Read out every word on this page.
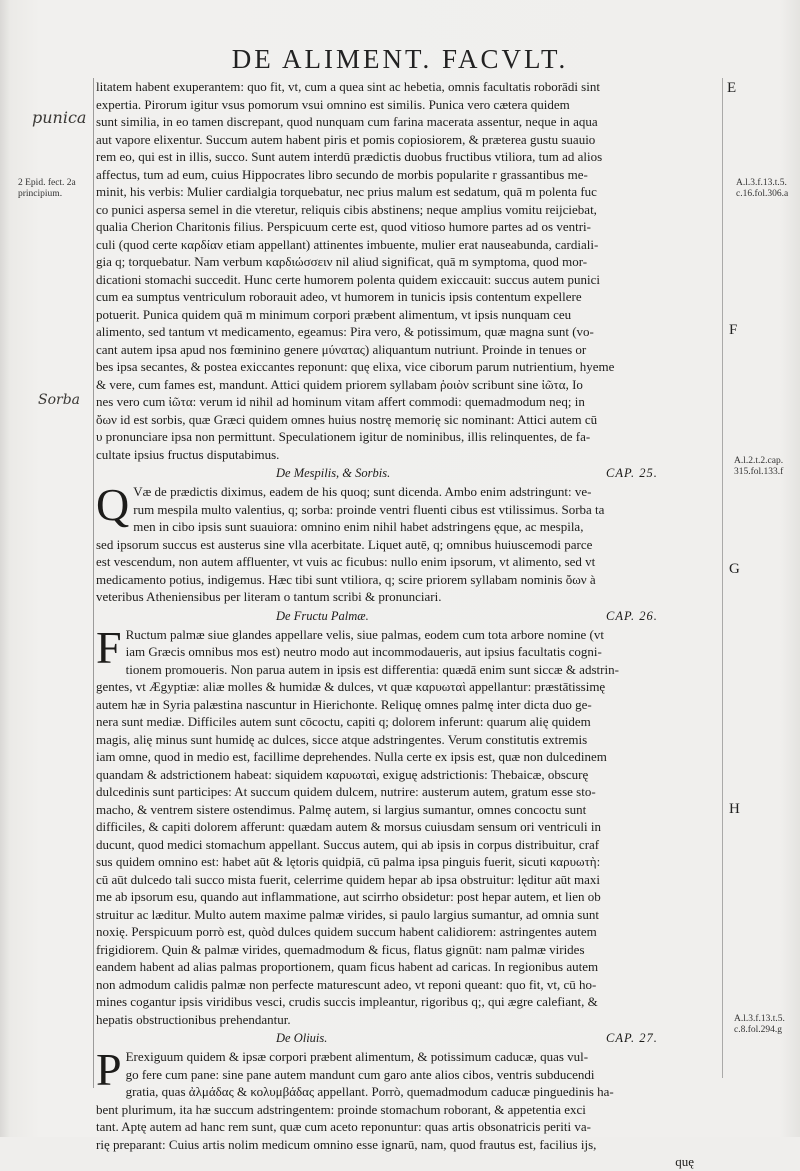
DE ALIMENT. FACVLT.
punica
Sorba
2 Epid. fect. 2a principium.
A.l.3.f.13.t.5. c.16.fol.306.a
A.l.2.t.2.cap. 315.fol.133.f
A.l.3.f.13.t.5. c.8.fol.294.g
E
F
G
H
litatem habent exuperantem: quo fit, vt, cum a quea sint ac hebetia, omnis facultatis roborādi sint
expertia. Pirorum igitur vsus pomorum vsui omnino est similis. Punica vero cætera quidem
sunt similia, in eo tamen discrepant, quod nunquam cum farina macerata assentur, neque in aqua
aut vapore elixentur. Succum autem habent piris et pomis copiosiorem, & præterea gustu suauio
rem eo, qui est in illis, succo. Sunt autem interdū prædictis duobus fructibus vtiliora, tum ad alios
affectus, tum ad eum, cuius Hippocrates libro secundo de morbis popularite r grassantibus me-
minit, his verbis: Mulier cardialgia torquebatur, nec prius malum est sedatum, quā m polenta fuc
co punici aspersa semel in die vteretur, reliquis cibis abstinens; neque amplius vomitu reijciebat,
qualia Cherion Charitonis filius. Perspicuum certe est, quod vitioso humore partes ad os ventri-
culi (quod certe καρδίαν etiam appellant) attinentes imbuente, mulier erat nauseabunda, cardiali-
gia q; torquebatur. Nam verbum καρδιώσσειν nil aliud significat, quā m symptoma, quod mor-
dicationi stomachi succedit. Hunc certe humorem polenta quidem exiccauit: succus autem punici
cum ea sumptus ventriculum roborauit adeo, vt humorem in tunicis ipsis contentum expellere
potuerit. Punica quidem quā m minimum corpori præbent alimentum, vt ipsis nunquam ceu
alimento, sed tantum vt medicamento, egeamus: Pira vero, & potissimum, quæ magna sunt (vo-
cant autem ipsa apud nos fœminino genere μύνατας) aliquantum nutriunt. Proinde in tenues or
bes ipsa secantes, & postea exiccantes reponunt: quę elixa, vice ciborum parum nutrientium, hyeme
& vere, cum fames est, mandunt. Attici quidem priorem syllabam ῥοιὸν scribunt sine ἰῶτα, Io
nes vero cum ἰῶτα: verum id nihil ad hominum vitam affert commodi: quemadmodum neq; in
ὄων id est sorbis, quæ Græci quidem omnes huius nostrę memorię sic nominant: Attici autem cū
υ pronunciare ipsa non permittunt. Speculationem igitur de nominibus, illis relinquentes, de fa-
cultate ipsius fructus disputabimus.
De Mespilis, & Sorbis.	CAP. 25.
Q Væ de prædictis diximus, eadem de his quoq; sunt dicenda. Ambo enim adstringunt: ve-
rum mespila multo valentius, q; sorba: proinde ventri fluenti cibus est vtilissimus. Sorba ta
men in cibo ipsis sunt suauiora: omnino enim nihil habet adstringens ęque, ac mespila,
sed ipsorum succus est austerus sine vlla acerbitate. Liquet autē, q; omnibus huiuscemodi parce
est vescendum, non autem affluenter, vt vuis ac ficubus: nullo enim ipsorum, vt alimento, sed vt
medicamento potius, indigemus. Hæc tibi sunt vtiliora, q; scire priorem syllabam nominis ὄων à
veteribus Atheniensibus per literam o tantum scribi & pronunciari.
De Fructu Palmæ.	CAP. 26.
F Ructum palmæ siue glandes appellare velis, siue palmas, eodem cum tota arbore nomine (vt
iam Græcis omnibus mos est) neutro modo aut incommodaueris, aut ipsius facultatis cogni-
tionem promoueris. Non parua autem in ipsis est differentia: quædā enim sunt siccæ & adstrin-
gentes, vt Ægyptiæ: aliæ molles & humidæ & dulces, vt quæ καρυωταὶ appellantur: præstātissimę
autem hæ in Syria palæstina nascuntur in Hierichonte. Reliquę omnes palmę inter dicta duo ge-
nera sunt mediæ. Difficiles autem sunt cōcoctu, capiti q; dolorem inferunt: quarum alię quidem
magis, alię minus sunt humidę ac dulces, sicce atque adstringentes. Verum constitutis extremis
iam omne, quod in medio est, facillime deprehendes. Nulla certe ex ipsis est, quæ non dulcedinem
quandam & adstrictionem habeat: siquidem καρυωταὶ, exiguę adstrictionis: Thebaicæ, obscurę
dulcedinis sunt participes: At succum quidem dulcem, nutrire: austerum autem, gratum esse sto-
macho, & ventrem sistere ostendimus. Palmę autem, si largius sumantur, omnes concoctu sunt
difficiles, & capiti dolorem afferunt: quædam autem & morsus cuiusdam sensum ori ventriculi in
ducunt, quod medici stomachum appellant. Succus autem, qui ab ipsis in corpus distribuitur, craf
sus quidem omnino est: habet aūt & lętoris quidpiā, cū palma ipsa pinguis fuerit, sicuti καρυωτὴ:
cū aūt dulcedo tali succo mista fuerit, celerrime quidem hepar ab ipsa obstruitur: lęditur aūt maxi
me ab ipsorum esu, quando aut inflammatione, aut scirrho obsidetur: post hepar autem, et lien ob
struitur ac læditur. Multo autem maxime palmæ virides, si paulo largius sumantur, ad omnia sunt
noxię. Perspicuum porrò est, quòd dulces quidem succum habent calidiorem: astringentes autem
frigidiorem. Quin & palmæ virides, quemadmodum & ficus, flatus gignūt: nam palmæ virides
eandem habent ad alias palmas proportionem, quam ficus habent ad caricas. In regionibus autem
non admodum calidis palmæ non perfecte maturescunt adeo, vt reponi queant: quo fit, vt, cū ho-
mines cogantur ipsis viridibus vesci, crudis succis impleantur, rigoribus q;, qui ægre calefiant, &
hepatis obstructionibus prehendantur.
De Oliuis.	CAP. 27.
P Erexiguum quidem & ipsæ corpori præbent alimentum, & potissimum caducæ, quas vul-
go fere cum pane: sine pane autem mandunt cum garo ante alios cibos, ventris subducendi
gratia, quas ἀλμάδας & κολυμβάδας appellant. Porrò, quemadmodum caducæ pinguedinis ha-
bent plurimum, ita hæ succum adstringentem: proinde stomachum roborant, & appetentia exci
tant. Aptę autem ad hanc rem sunt, quæ cum aceto reponuntur: quas artis obsonatricis periti va-
rię preparant: Cuius artis nolim medicum omnino esse ignarū, nam, quod frautus est, facilius ijs,
quę
